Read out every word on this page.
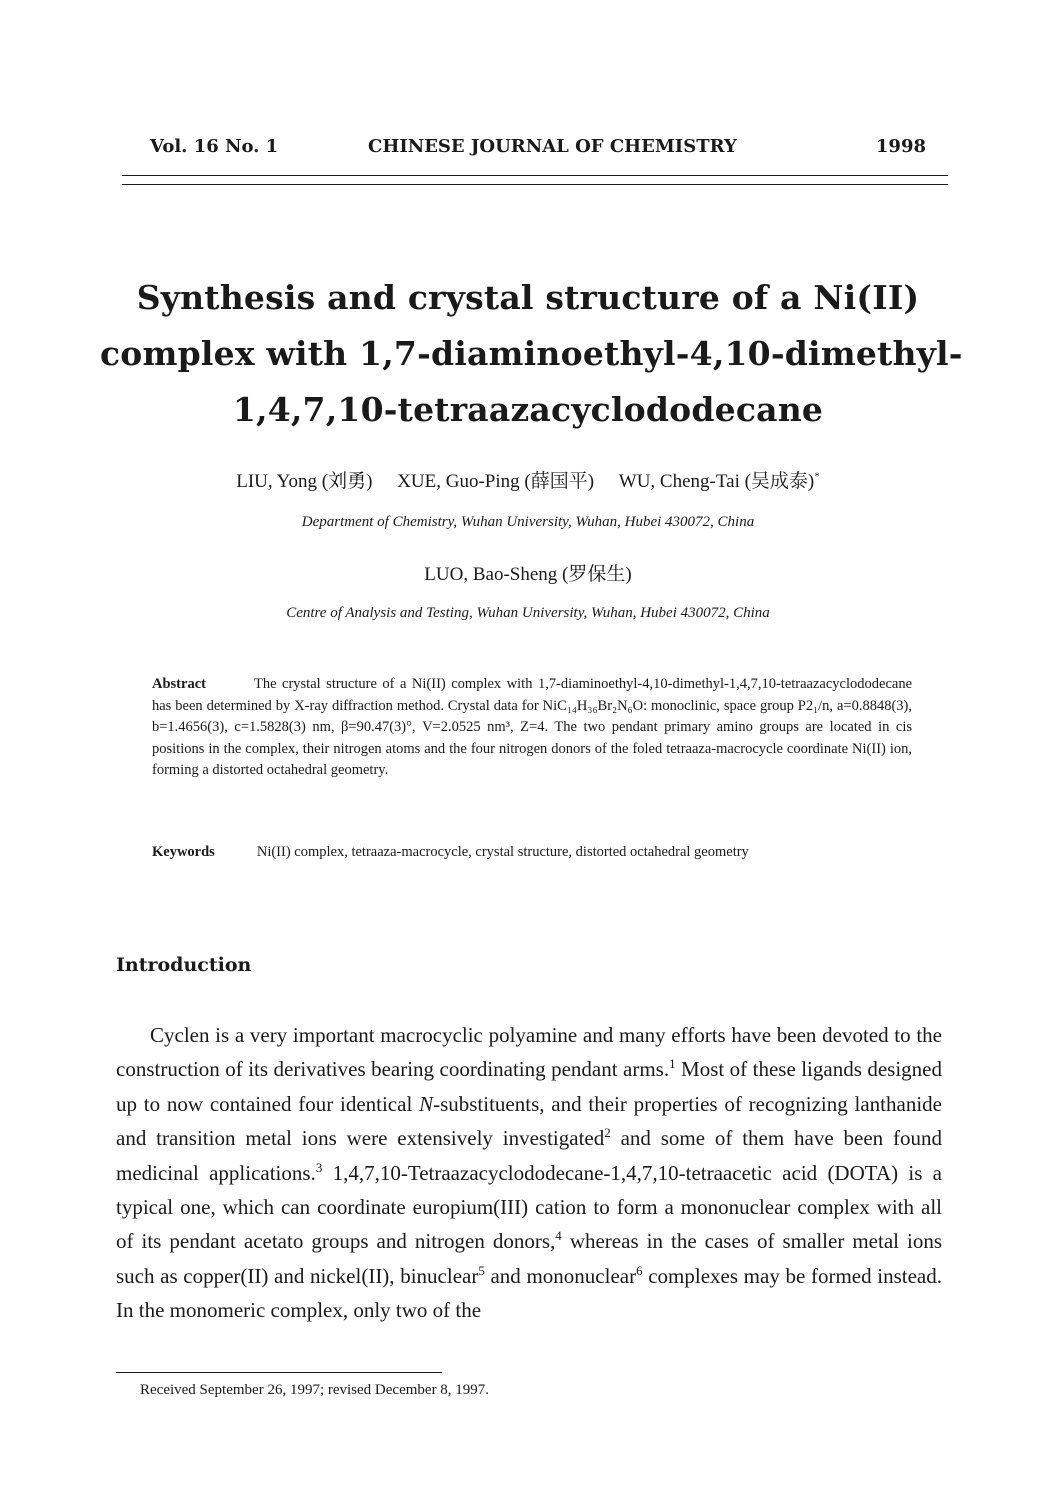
Vol. 16 No. 1	CHINESE JOURNAL OF CHEMISTRY	1998
Synthesis and crystal structure of a Ni(II)
complex with 1,7-diaminoethyl-4,10-dimethyl-
1,4,7,10-tetraazacyclododecane
LIU, Yong (刘勇) XUE, Guo-Ping (薛国平) WU, Cheng-Tai (吴成泰)*
Department of Chemistry, Wuhan University, Wuhan, Hubei 430072, China
LUO, Bao-Sheng (罗保生)
Centre of Analysis and Testing, Wuhan University, Wuhan, Hubei 430072, China
Abstract	The crystal structure of a Ni(II) complex with 1,7-diaminoethyl-4,10-dimethyl-1,4,7,10-tetraazacyclododecane has been determined by X-ray diffraction method. Crystal data for NiC₁₄H₃₆Br₂N₆O: monoclinic, space group P2₁/n, a=0.8848(3), b=1.4656(3), c=1.5828(3) nm, β=90.47(3)°, V=2.0525 nm³, Z=4. The two pendant primary amino groups are located in cis positions in the complex, their nitrogen atoms and the four nitrogen donors of the foled tetraaza-macrocycle coordinate Ni(II) ion, forming a distorted octahedral geometry.
Keywords	Ni(II) complex, tetraaza-macrocycle, crystal structure, distorted octahedral geometry
Introduction

Cyclen is a very important macrocyclic polyamine and many efforts have been devoted to the construction of its derivatives bearing coordinating pendant arms.$^1$ Most of these ligands designed up to now contained four identical N-substituents, and their properties of recognizing lanthanide and transition metal ions were extensively investigated$^2$ and some of them have been found medicinal applications.$^3$ 1,4,7,10-Tetraazacyclododecane-1,4,7,10-tetraacetic acid (DOTA) is a typical one, which can coordinate europium(III) cation to form a mononuclear complex with all of its pendant acetato groups and nitrogen donors,$^4$ whereas in the cases of smaller metal ions such as copper(II) and nickel(II), binuclear$^5$ and mononuclear$^6$ complexes may be formed instead. In the monomeric complex, only two of the

Received September 26, 1997; revised December 8, 1997.
